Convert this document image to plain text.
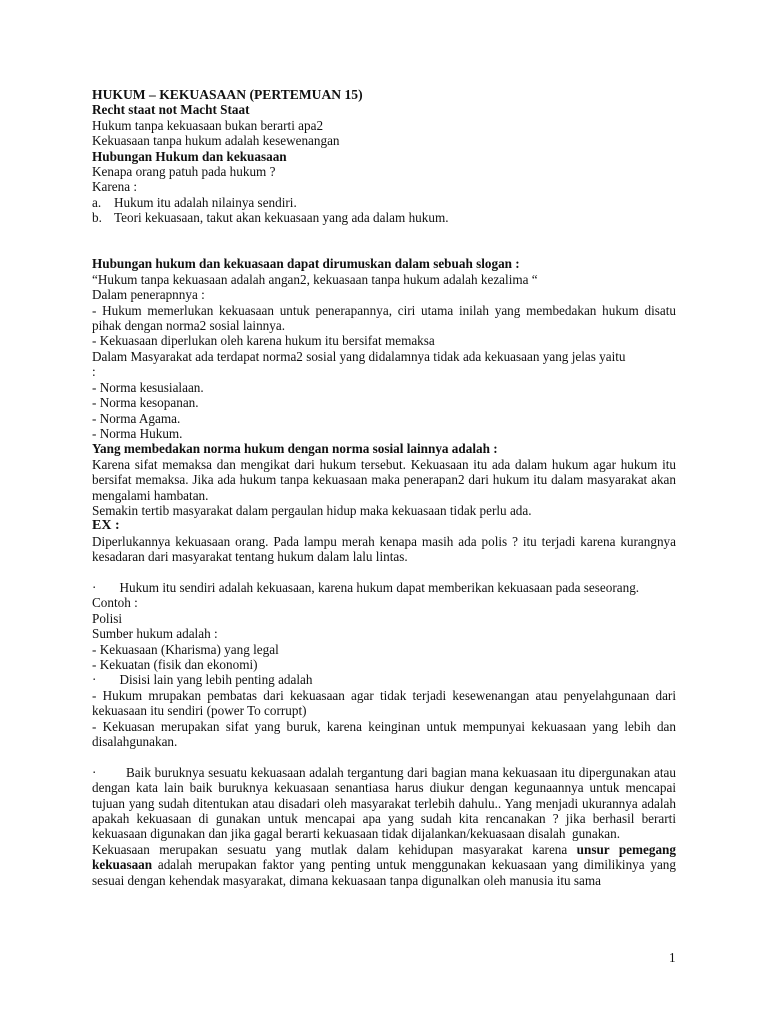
HUKUM – KEKUASAAN (PERTEMUAN 15)
Recht staat not Macht Staat
Hukum tanpa kekuasaan bukan berarti apa2
Kekuasaan tanpa hukum adalah kesewenangan
Hubungan Hukum dan kekuasaan
Kenapa orang patuh pada hukum ?
Karena :
a. Hukum itu adalah nilainya sendiri.
b. Teori kekuasaan, takut akan kekuasaan yang ada dalam hukum.
Hubungan hukum dan kekuasaan dapat dirumuskan dalam sebuah slogan :
“Hukum tanpa kekuasaan adalah angan2, kekuasaan tanpa hukum adalah kezalima “
Dalam penerapnnya :
- Hukum memerlukan kekuasaan untuk penerapannya, ciri utama inilah yang membedakan hukum disatu pihak dengan norma2 sosial lainnya.
- Kekuasaan diperlukan oleh karena hukum itu bersifat memaksa
Dalam Masyarakat ada terdapat norma2 sosial yang didalamnya tidak ada kekuasaan yang jelas yaitu
:
- Norma kesusialaan.
- Norma kesopanan.
- Norma Agama.
- Norma Hukum.
Yang membedakan norma hukum dengan norma sosial lainnya adalah :
Karena sifat memaksa dan mengikat dari hukum tersebut. Kekuasaan itu ada dalam hukum agar hukum itu bersifat memaksa. Jika ada hukum tanpa kekuasaan maka penerapan2 dari hukum itu dalam masyarakat akan mengalami hambatan.
Semakin tertib masyarakat dalam pergaulan hidup maka kekuasaan tidak perlu ada.
EX :
Diperlukannya kekuasaan orang. Pada lampu merah kenapa masih ada polis ? itu terjadi karena kurangnya kesadaran dari masyarakat tentang hukum dalam lalu lintas.
·       Hukum itu sendiri adalah kekuasaan, karena hukum dapat memberikan kekuasaan pada seseorang.
Contoh :
Polisi
Sumber hukum adalah :
- Kekuasaan (Kharisma) yang legal
- Kekuatan (fisik dan ekonomi)
·       Disisi lain yang lebih penting adalah
- Hukum mrupakan pembatas dari kekuasaan agar tidak terjadi kesewenangan atau penyelahgunaan dari kekuasaan itu sendiri (power To corrupt)
- Kekuasan merupakan sifat yang buruk, karena keinginan untuk mempunyai kekuasaan yang lebih dan disalahgunakan.
·        Baik buruknya sesuatu kekuasaan adalah tergantung dari bagian mana kekuasaan itu dipergunakan atau dengan kata lain baik buruknya kekuasaan senantiasa harus diukur dengan kegunaannya untuk mencapai tujuan yang sudah ditentukan atau disadari oleh masyarakat terlebih dahulu.. Yang menjadi ukurannya adalah apakah kekuasaan di gunakan untuk mencapai apa yang sudah kita rencanakan ? jika berhasil berarti kekuasaan digunakan dan jika gagal berarti kekuasaan tidak dijalankan/kekuasaan disalah  gunakan.
Kekuasaan merupakan sesuatu yang mutlak dalam kehidupan masyarakat karena unsur pemegang kekuasaan adalah merupakan faktor yang penting untuk menggunakan kekuasaan yang dimilikinya yang sesuai dengan kehendak masyarakat, dimana kekuasaan tanpa digunalkan oleh manusia itu sama
1
